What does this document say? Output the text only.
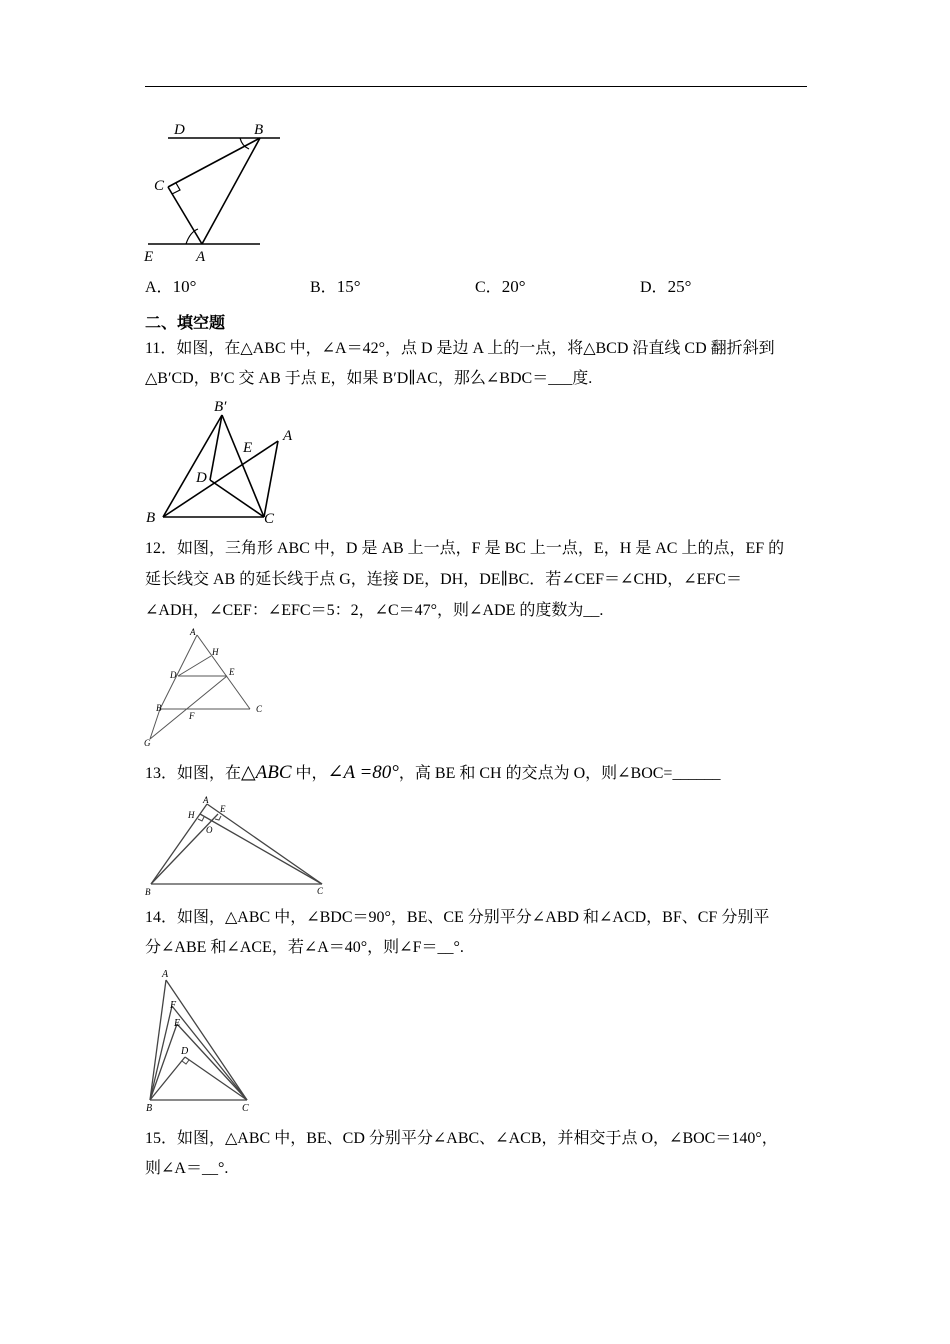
D	B
C
E	A
A．10°	B．15°	C．20°	D．25°
二、填空题
11．如图，在△ABC 中，∠A＝42°，点 D 是边 A 上的一点，将△BCD 沿直线 CD 翻折斜到
△B′CD，B′C 交 AB 于点 E，如果 B′D∥AC，那么∠BDC＝___度.
B′
E
A
D
B	C
12．如图，三角形 ABC 中，D 是 AB 上一点，F 是 BC 上一点，E，H 是 AC 上的点，EF 的
延长线交 AB 的延长线于点 G，连接 DE，DH，DE∥BC．若∠CEF＝∠CHD，∠EFC＝
∠ADH，∠CEF：∠EFC＝5：2，∠C＝47°，则∠ADE 的度数为__.
A
H
D	E
B	C
F
G
13．如图，在△ABC 中，∠A =80°，高 BE 和 CH 的交点为 O，则∠BOC=______
A
H
E
O
B	C
14．如图，△ABC 中，∠BDC＝90°，BE、CE 分别平分∠ABD 和∠ACD，BF、CF 分别平
分∠ABE 和∠ACE，若∠A＝40°，则∠F＝__°.
A
F
E
D
B	C
15．如图，△ABC 中，BE、CD 分别平分∠ABC、∠ACB，并相交于点 O，∠BOC＝140°，
则∠A＝__°.
